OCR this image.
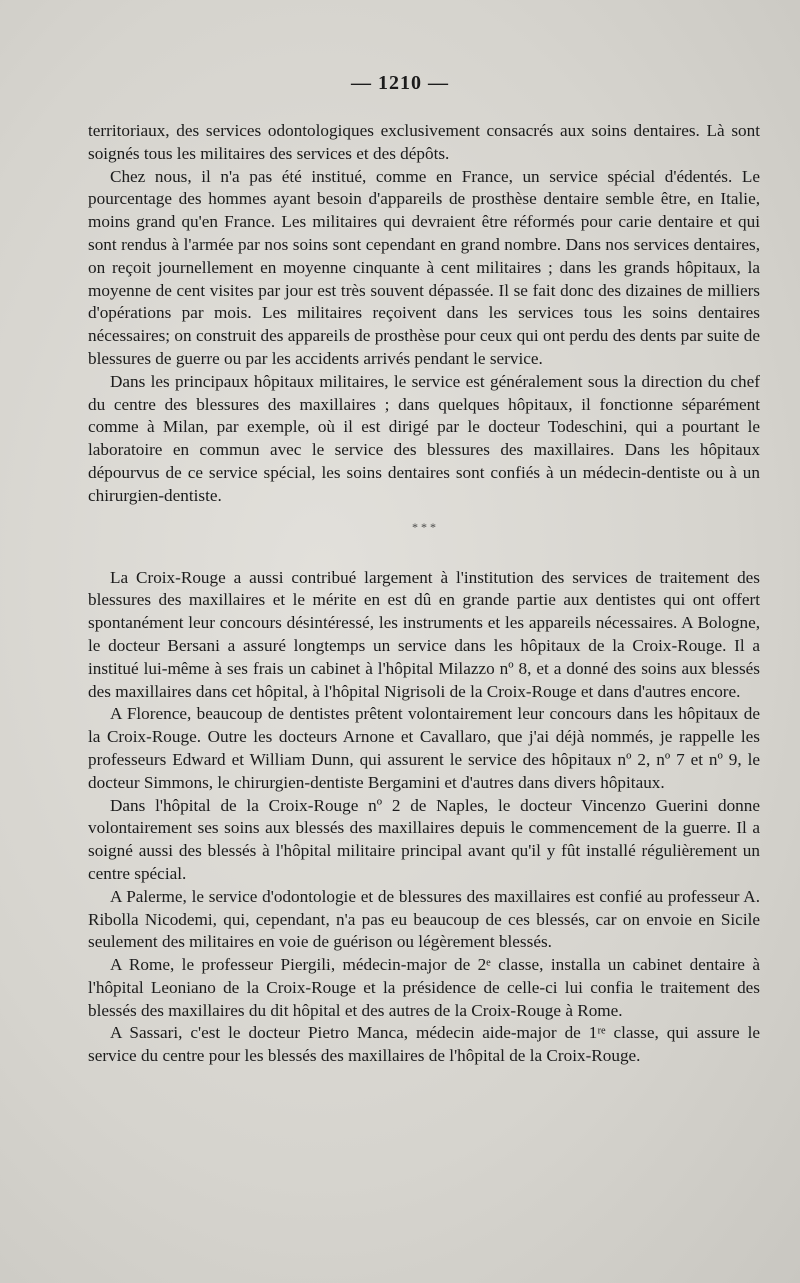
— 1210 —

territoriaux, des services odontologiques exclusivement consacrés aux soins dentaires. Là sont soignés tous les militaires des services et des dépôts.

Chez nous, il n'a pas été institué, comme en France, un service spécial d'édentés. Le pourcentage des hommes ayant besoin d'appareils de prosthèse dentaire semble être, en Italie, moins grand qu'en France. Les militaires qui devraient être réformés pour carie dentaire et qui sont rendus à l'armée par nos soins sont cependant en grand nombre. Dans nos services dentaires, on reçoit journellement en moyenne cinquante à cent militaires ; dans les grands hôpitaux, la moyenne de cent visites par jour est très souvent dépassée. Il se fait donc des dizaines de milliers d'opérations par mois. Les militaires reçoivent dans les services tous les soins dentaires nécessaires; on construit des appareils de prosthèse pour ceux qui ont perdu des dents par suite de blessures de guerre ou par les accidents arrivés pendant le service.

Dans les principaux hôpitaux militaires, le service est généralement sous la direction du chef du centre des blessures des maxillaires ; dans quelques hôpitaux, il fonctionne séparément comme à Milan, par exemple, où il est dirigé par le docteur Todeschini, qui a pourtant le laboratoire en commun avec le service des blessures des maxillaires. Dans les hôpitaux dépourvus de ce service spécial, les soins dentaires sont confiés à un médecin-dentiste ou à un chirurgien-dentiste.

* * *

La Croix-Rouge a aussi contribué largement à l'institution des services de traitement des blessures des maxillaires et le mérite en est dû en grande partie aux dentistes qui ont offert spontanément leur concours désintéressé, les instruments et les appareils nécessaires. A Bologne, le docteur Bersani a assuré longtemps un service dans les hôpitaux de la Croix-Rouge. Il a institué lui-même à ses frais un cabinet à l'hôpital Milazzo nº 8, et a donné des soins aux blessés des maxillaires dans cet hôpital, à l'hôpital Nigrisoli de la Croix-Rouge et dans d'autres encore.

A Florence, beaucoup de dentistes prêtent volontairement leur concours dans les hôpitaux de la Croix-Rouge. Outre les docteurs Arnone et Cavallaro, que j'ai déjà nommés, je rappelle les professeurs Edward et William Dunn, qui assurent le service des hôpitaux nº 2, nº 7 et nº 9, le docteur Simmons, le chirurgien-dentiste Bergamini et d'autres dans divers hôpitaux.

Dans l'hôpital de la Croix-Rouge nº 2 de Naples, le docteur Vincenzo Guerini donne volontairement ses soins aux blessés des maxillaires depuis le commencement de la guerre. Il a soigné aussi des blessés à l'hôpital militaire principal avant qu'il y fût installé régulièrement un centre spécial.

A Palerme, le service d'odontologie et de blessures des maxillaires est confié au professeur A. Ribolla Nicodemi, qui, cependant, n'a pas eu beaucoup de ces blessés, car on envoie en Sicile seulement des militaires en voie de guérison ou légèrement blessés.

A Rome, le professeur Piergili, médecin-major de 2ᵉ classe, installa un cabinet dentaire à l'hôpital Leoniano de la Croix-Rouge et la présidence de celle-ci lui confia le traitement des blessés des maxillaires du dit hôpital et des autres de la Croix-Rouge à Rome.

A Sassari, c'est le docteur Pietro Manca, médecin aide-major de 1ʳᵉ classe, qui assure le service du centre pour les blessés des maxillaires de l'hôpital de la Croix-Rouge.
